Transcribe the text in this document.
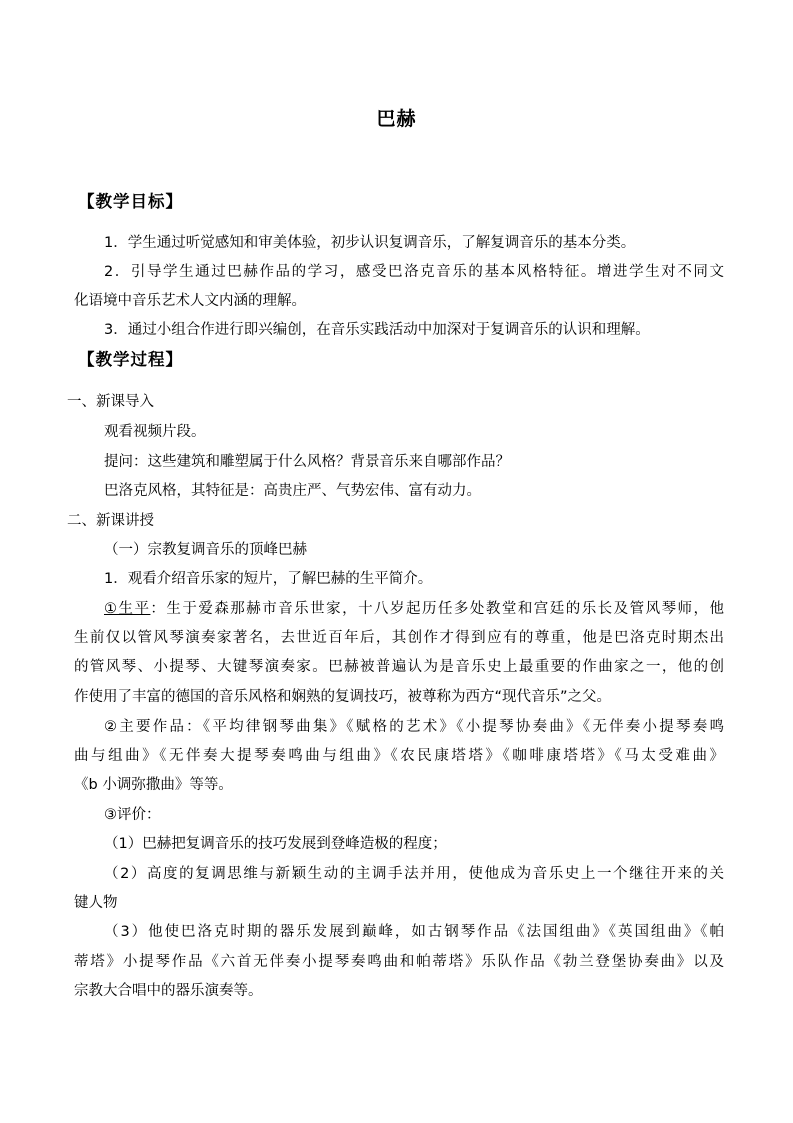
巴赫
【教学目标】
1．学生通过听觉感知和审美体验，初步认识复调音乐，了解复调音乐的基本分类。
2．引导学生通过巴赫作品的学习，感受巴洛克音乐的基本风格特征。增进学生对不同文
化语境中音乐艺术人文内涵的理解。
3．通过小组合作进行即兴编创，在音乐实践活动中加深对于复调音乐的认识和理解。
【教学过程】
一、新课导入
观看视频片段。
提问：这些建筑和雕塑属于什么风格？背景音乐来自哪部作品？
巴洛克风格，其特征是：高贵庄严、气势宏伟、富有动力。
二、新课讲授
（一）宗教复调音乐的顶峰巴赫
1．观看介绍音乐家的短片，了解巴赫的生平简介。
①生平：生于爱森那赫市音乐世家，十八岁起历任多处教堂和宫廷的乐长及管风琴师，他
生前仅以管风琴演奏家著名，去世近百年后，其创作才得到应有的尊重，他是巴洛克时期杰出
的管风琴、小提琴、大键琴演奏家。巴赫被普遍认为是音乐史上最重要的作曲家之一，他的创
作使用了丰富的德国的音乐风格和娴熟的复调技巧，被尊称为西方“现代音乐”之父。
②主要作品：《平均律钢琴曲集》《赋格的艺术》《小提琴协奏曲》《无伴奏小提琴奏鸣
曲与组曲》《无伴奏大提琴奏鸣曲与组曲》《农民康塔塔》《咖啡康塔塔》《马太受难曲》
《b 小调弥撒曲》等等。
③评价：
（1）巴赫把复调音乐的技巧发展到登峰造极的程度；
（2）高度的复调思维与新颖生动的主调手法并用，使他成为音乐史上一个继往开来的关
键人物
（3）他使巴洛克时期的器乐发展到巅峰，如古钢琴作品《法国组曲》《英国组曲》《帕
蒂塔》小提琴作品《六首无伴奏小提琴奏鸣曲和帕蒂塔》乐队作品《勃兰登堡协奏曲》以及
宗教大合唱中的器乐演奏等。
